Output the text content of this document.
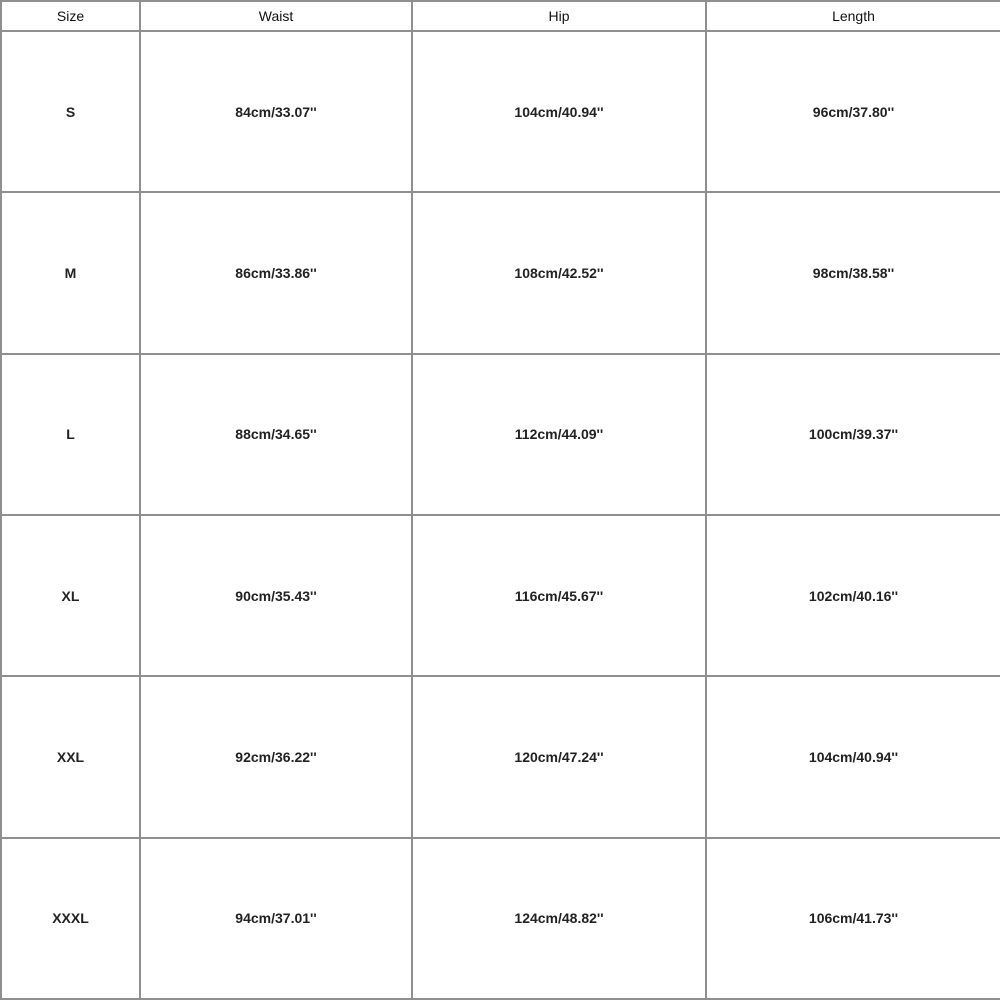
Size	Waist	Hip	Length
S	84cm/33.07''	104cm/40.94''	96cm/37.80''
M	86cm/33.86''	108cm/42.52''	98cm/38.58''
L	88cm/34.65''	112cm/44.09''	100cm/39.37''
XL	90cm/35.43''	116cm/45.67''	102cm/40.16''
XXL	92cm/36.22''	120cm/47.24''	104cm/40.94''
XXXL	94cm/37.01''	124cm/48.82''	106cm/41.73''
